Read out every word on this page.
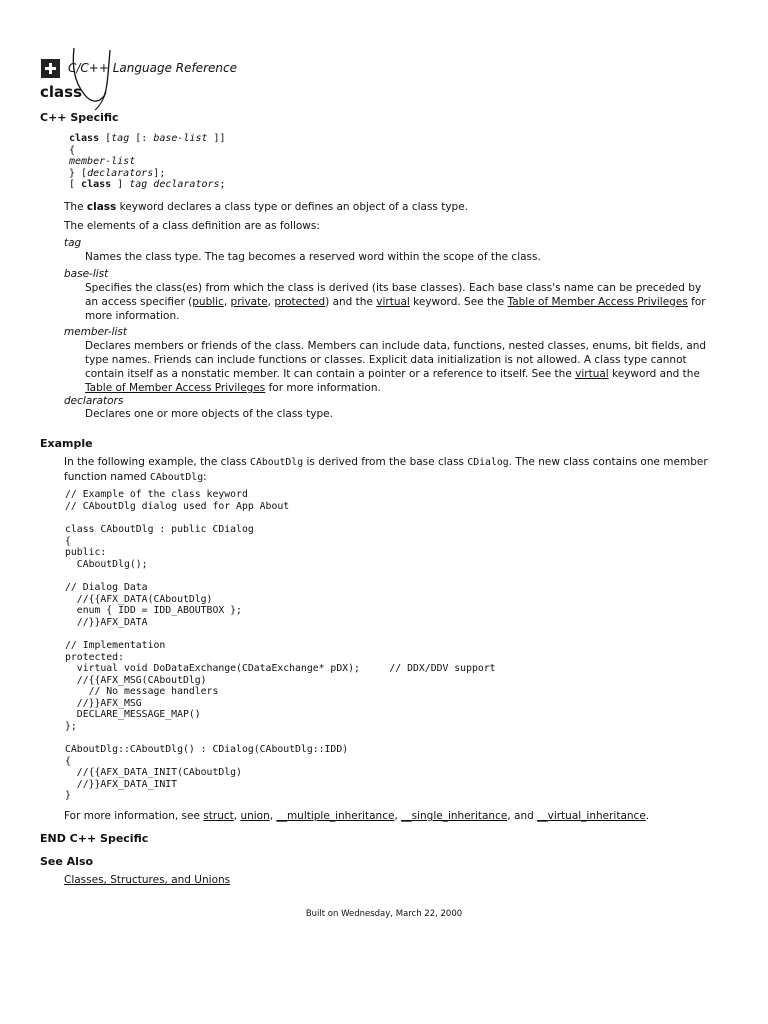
C/C++ Language Reference
class
C++ Specific
class [tag [: base-list ]]
{
member-list
} [declarators];
[ class ] tag declarators;

The class keyword declares a class type or defines an object of a class type.

The elements of a class definition are as follows:

tag

Names the class type. The tag becomes a reserved word within the scope of the class.

base-list

Specifies the class(es) from which the class is derived (its base classes). Each base class's name can be preceded by an access specifier (public, private, protected) and the virtual keyword. See the Table of Member Access Privileges for more information.

member-list

Declares members or friends of the class. Members can include data, functions, nested classes, enums, bit fields, and type names. Friends can include functions or classes. Explicit data initialization is not allowed. A class type cannot contain itself as a nonstatic member. It can contain a pointer or a reference to itself. See the virtual keyword and the Table of Member Access Privileges for more information.

declarators

Declares one or more objects of the class type.

Example

In the following example, the class CAboutDlg is derived from the base class CDialog. The new class contains one member function named CAboutDlg:

// Example of the class keyword
// CAboutDlg dialog used for App About
class CAboutDlg : public CDialog
{
public:
CAboutDlg();
// Dialog Data
//{{AFX_DATA(CAboutDlg)
enum { IDD = IDD_ABOUTBOX };
//}}AFX_DATA
// Implementation
protected:
virtual void DoDataExchange(CDataExchange* pDX);     // DDX/DDV support
//{{AFX_MSG(CAboutDlg)
// No message handlers
//}}AFX_MSG
DECLARE_MESSAGE_MAP()
};
CAboutDlg::CAboutDlg() : CDialog(CAboutDlg::IDD)
{
//{{AFX_DATA_INIT(CAboutDlg)
//}}AFX_DATA_INIT
}

For more information, see struct, union, __multiple_inheritance, __single_inheritance, and __virtual_inheritance.

END C++ Specific
See Also

Classes, Structures, and Unions

Built on Wednesday, March 22, 2000
